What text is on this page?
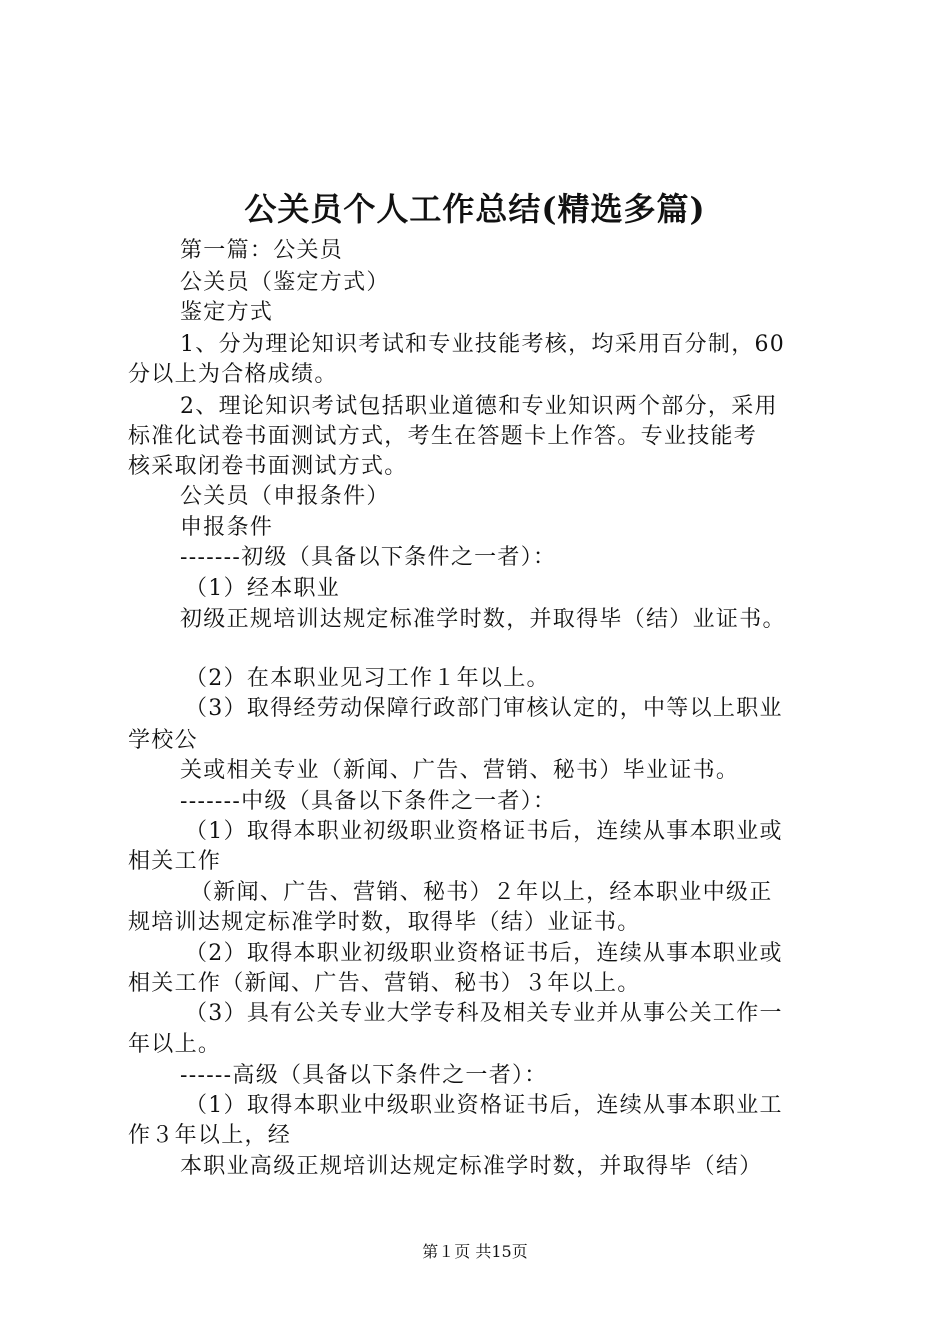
公关员个人工作总结(精选多篇)
第一篇：公关员
公关员（鉴定方式）
鉴定方式
1、分为理论知识考试和专业技能考核，均采用百分制，60
分以上为合格成绩。
2、理论知识考试包括职业道德和专业知识两个部分，采用
标准化试卷书面测试方式，考生在答题卡上作答。专业技能考
核采取闭卷书面测试方式。
公关员（申报条件）
申报条件
-------初级（具备以下条件之一者）：
（1）经本职业
初级正规培训达规定标准学时数，并取得毕（结）业证书。
（2）在本职业见习工作１年以上。
（3）取得经劳动保障行政部门审核认定的，中等以上职业
学校公
关或相关专业（新闻、广告、营销、秘书）毕业证书。
-------中级（具备以下条件之一者）：
（1）取得本职业初级职业资格证书后，连续从事本职业或
相关工作
（新闻、广告、营销、秘书）２年以上，经本职业中级正
规培训达规定标准学时数，取得毕（结）业证书。
（2）取得本职业初级职业资格证书后，连续从事本职业或
相关工作（新闻、广告、营销、秘书）３年以上。
（3）具有公关专业大学专科及相关专业并从事公关工作一
年以上。
------高级（具备以下条件之一者）：
（1）取得本职业中级职业资格证书后，连续从事本职业工
作３年以上，经
本职业高级正规培训达规定标准学时数，并取得毕（结）
第１页 共15页
